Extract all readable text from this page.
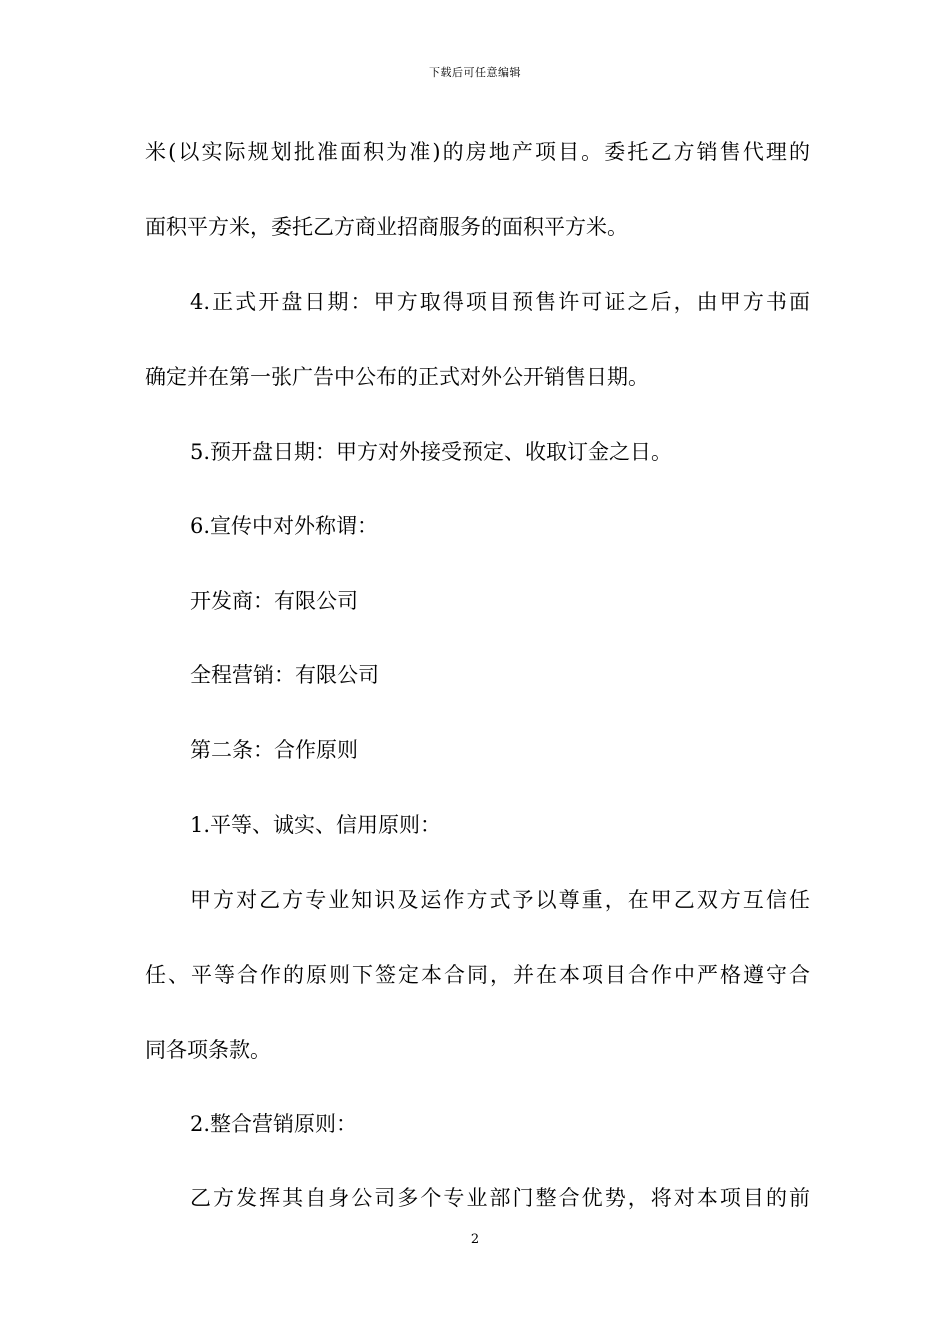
下载后可任意编辑
米(以实际规划批准面积为准)的房地产项目。委托乙方销售代理的
面积平方米，委托乙方商业招商服务的面积平方米。
4.正式开盘日期：甲方取得项目预售许可证之后，由甲方书面
确定并在第一张广告中公布的正式对外公开销售日期。
5.预开盘日期：甲方对外接受预定、收取订金之日。
6.宣传中对外称谓：
开发商：有限公司
全程营销：有限公司
第二条：合作原则
1.平等、诚实、信用原则：
甲方对乙方专业知识及运作方式予以尊重，在甲乙双方互信任
任、平等合作的原则下签定本合同，并在本项目合作中严格遵守合
同各项条款。
2.整合营销原则：
乙方发挥其自身公司多个专业部门整合优势，将对本项目的前
2
